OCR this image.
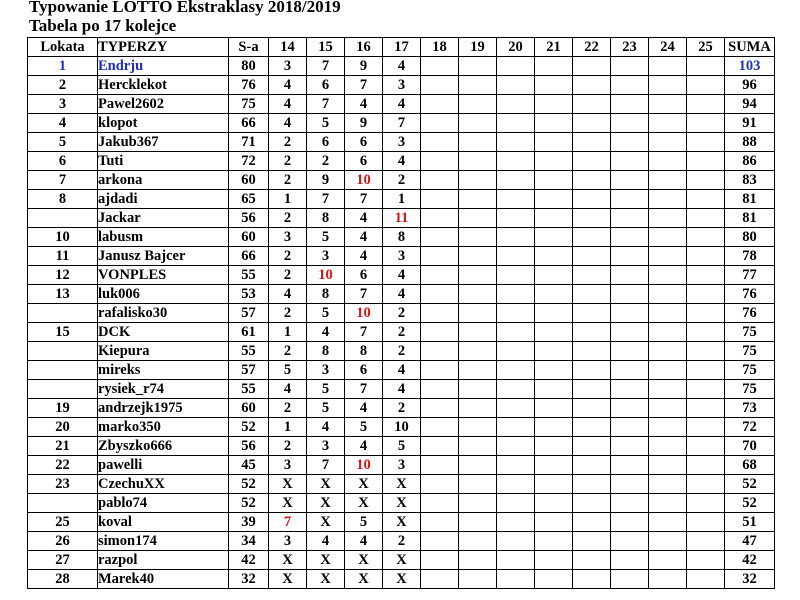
Typowanie LOTTO Ekstraklasy 2018/2019
Tabela po 17 kolejce
Lokata	TYPERZY	S-a	14	15	16	17	18	19	20	21	22	23	24	25	SUMA
1	Endrju	80	3	7	9	4									103
2	Hercklekot	76	4	6	7	3									96
3	Pawel2602	75	4	7	4	4									94
4	klopot	66	4	5	9	7									91
5	Jakub367	71	2	6	6	3									88
6	Tuti	72	2	2	6	4									86
7	arkona	60	2	9	10	2									83
8	ajdadi	65	1	7	7	1									81
	Jackar	56	2	8	4	11									81
10	labusm	60	3	5	4	8									80
11	Janusz Bajcer	66	2	3	4	3									78
12	VONPLES	55	2	10	6	4									77
13	luk006	53	4	8	7	4									76
	rafalisko30	57	2	5	10	2									76
15	DCK	61	1	4	7	2									75
	Kiepura	55	2	8	8	2									75
	mireks	57	5	3	6	4									75
	rysiek_r74	55	4	5	7	4									75
19	andrzejk1975	60	2	5	4	2									73
20	marko350	52	1	4	5	10									72
21	Zbyszko666	56	2	3	4	5									70
22	pawelli	45	3	7	10	3									68
23	CzechuXX	52	X	X	X	X									52
	pablo74	52	X	X	X	X									52
25	koval	39	7	X	5	X									51
26	simon174	34	3	4	4	2									47
27	razpol	42	X	X	X	X									42
28	Marek40	32	X	X	X	X									32
